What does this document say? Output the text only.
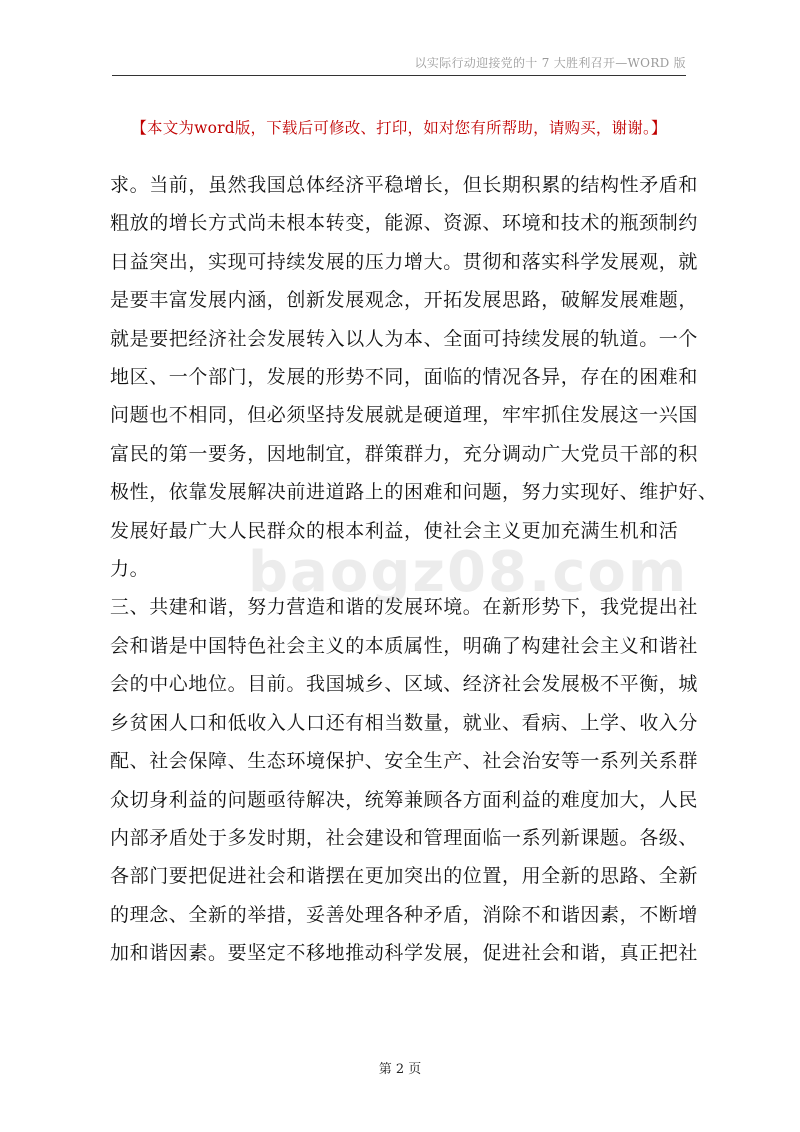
以实际行动迎接党的十 7 大胜利召开—WORD 版
【本文为word版，下载后可修改、打印，如对您有所帮助，请购买，谢谢。】

求。当前，虽然我国总体经济平稳增长，但长期积累的结构性矛盾和

粗放的增长方式尚未根本转变，能源、资源、环境和技术的瓶颈制约

日益突出，实现可持续发展的压力增大。贯彻和落实科学发展观，就

是要丰富发展内涵，创新发展观念，开拓发展思路，破解发展难题，

就是要把经济社会发展转入以人为本、全面可持续发展的轨道。一个

地区、一个部门，发展的形势不同，面临的情况各异，存在的困难和

问题也不相同，但必须坚持发展就是硬道理，牢牢抓住发展这一兴国

富民的第一要务，因地制宜，群策群力，充分调动广大党员干部的积

极性，依靠发展解决前进道路上的困难和问题，努力实现好、维护好、

发展好最广大人民群众的根本利益，使社会主义更加充满生机和活

力。

三、共建和谐，努力营造和谐的发展环境。在新形势下，我党提出社

会和谐是中国特色社会主义的本质属性，明确了构建社会主义和谐社

会的中心地位。目前。我国城乡、区域、经济社会发展极不平衡，城

乡贫困人口和低收入人口还有相当数量，就业、看病、上学、收入分

配、社会保障、生态环境保护、安全生产、社会治安等一系列关系群

众切身利益的问题亟待解决，统筹兼顾各方面利益的难度加大，人民

内部矛盾处于多发时期，社会建设和管理面临一系列新课题。各级、

各部门要把促进社会和谐摆在更加突出的位置，用全新的思路、全新

的理念、全新的举措，妥善处理各种矛盾，消除不和谐因素，不断增

加和谐因素。要坚定不移地推动科学发展，促进社会和谐，真正把社

baogz08.com
第 2 页
